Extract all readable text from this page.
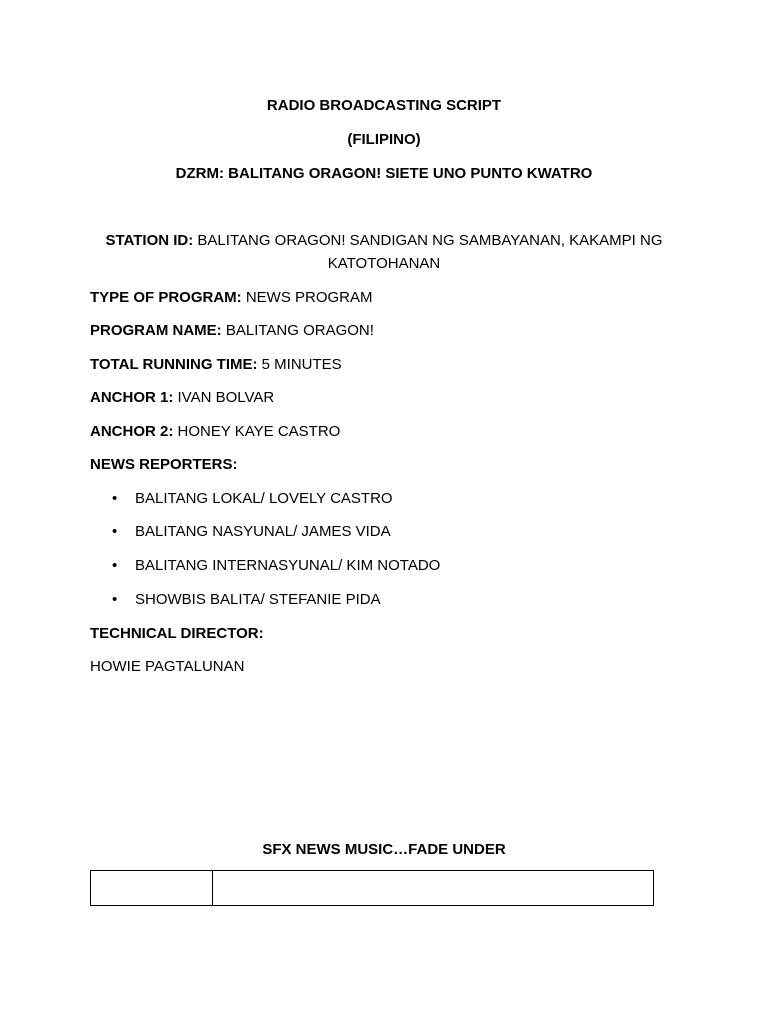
RADIO BROADCASTING SCRIPT
(FILIPINO)
DZRM: BALITANG ORAGON! SIETE UNO PUNTO KWATRO
STATION ID: BALITANG ORAGON! SANDIGAN NG SAMBAYANAN, KAKAMPI NG KATOTOHANAN
TYPE OF PROGRAM: NEWS PROGRAM
PROGRAM NAME: BALITANG ORAGON!
TOTAL RUNNING TIME: 5 MINUTES
ANCHOR 1: IVAN BOLVAR
ANCHOR 2: HONEY KAYE CASTRO
NEWS REPORTERS:
• BALITANG LOKAL/ LOVELY CASTRO
• BALITANG NASYUNAL/ JAMES VIDA
• BALITANG INTERNASYUNAL/ KIM NOTADO
• SHOWBIS BALITA/ STEFANIE PIDA
TECHNICAL DIRECTOR:
HOWIE PAGTALUNAN
SFX NEWS MUSIC…FADE UNDER
